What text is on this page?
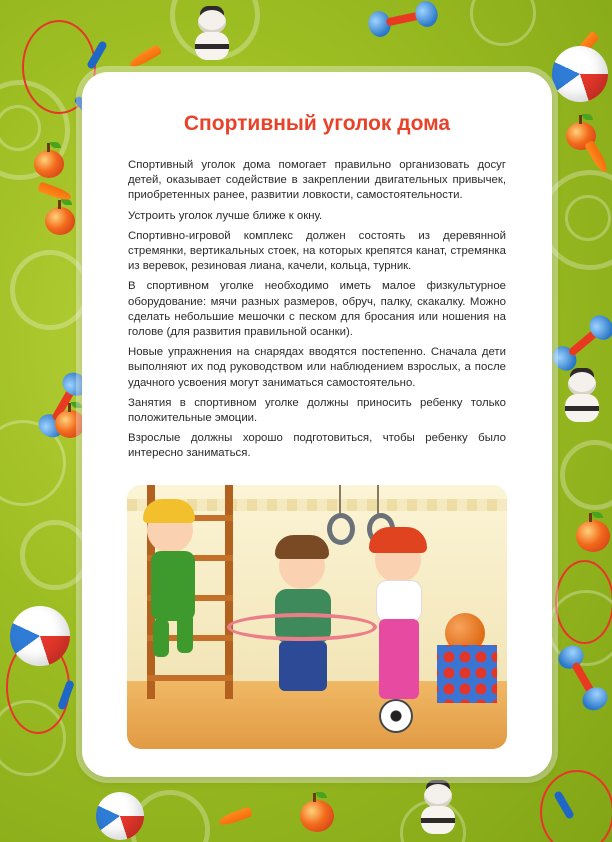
Спортивный уголок дома

Спортивный уголок дома помогает правильно организовать досуг детей, оказывает содействие в закреплении двигательных привычек, приобретенных ранее, развитии ловкости, самостоятельности.

Устроить уголок лучше ближе к окну.

Спортивно-игровой комплекс должен состоять из деревянной стремянки, вертикальных стоек, на которых крепятся канат, стремянка из веревок, резиновая лиана, качели, кольца, турник.

В спортивном уголке необходимо иметь малое физкультурное оборудование: мячи разных размеров, обруч, палку, скакалку. Можно сделать небольшие мешочки с песком для бросания или ношения на голове (для развития правильной осанки).

Новые упражнения на снарядах вводятся постепенно. Сначала дети выполняют их под руководством или наблюдением взрослых, а после удачного усвоения могут заниматься самостоятельно.

Занятия в спортивном уголке должны приносить ребенку только положительные эмоции.

Взрослые должны хорошо подготовиться, чтобы ребенку было интересно заниматься.
